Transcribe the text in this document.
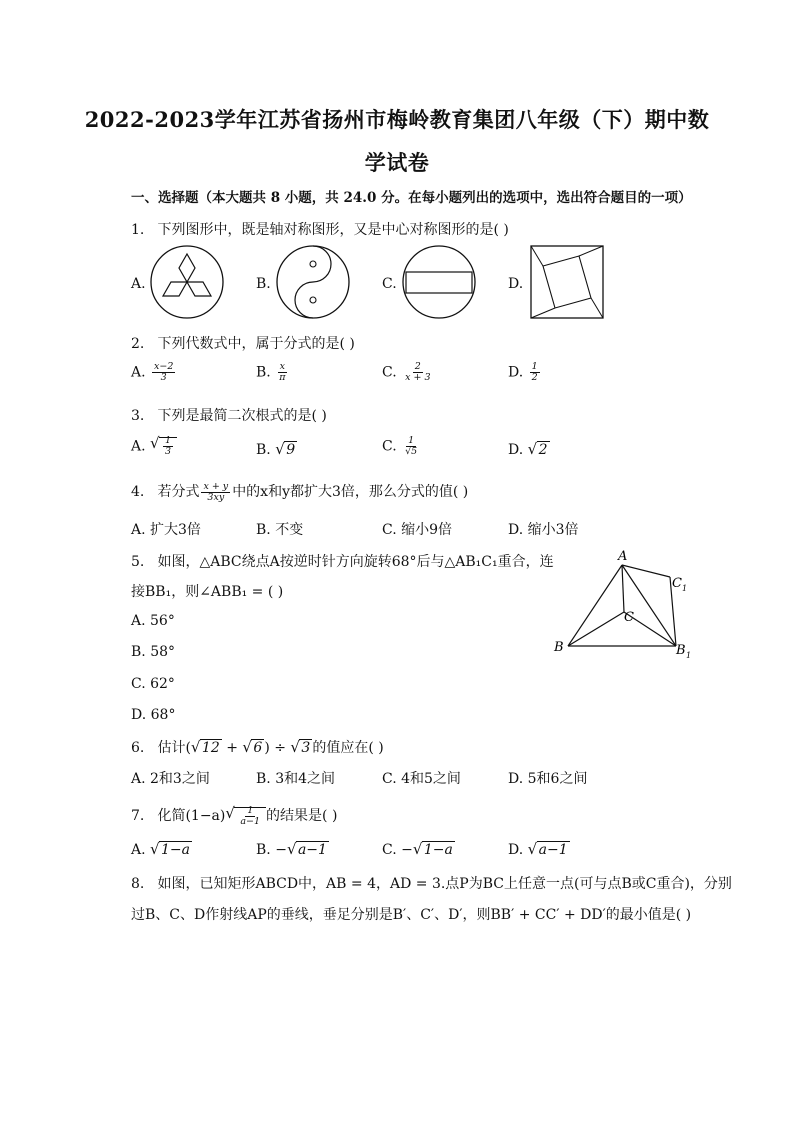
2022-2023学年江苏省扬州市梅岭教育集团八年级（下）期中数
学试卷
一、选择题（本大题共 8 小题，共 24.0 分。在每小题列出的选项中，选出符合题目的一项）
1. 下列图形中，既是轴对称图形，又是中心对称图形的是( )
A.	B.	C.	D.
2. 下列代数式中，属于分式的是( )
A. $\frac{x-2}{3}$	B. $\frac{x}{\pi}$	C. $\frac{2}{x + 3}$	D. $\frac{1}{2}$
3. 下列是最简二次根式的是( )
A. √ $\frac{1}{3}$	B. √ 9	C. $\frac{1}{√5}$	D. √ 2
4. 若分式 $\frac{x + y}{3xy}$ 中的x和y都扩大3倍，那么分式的值( )
A. 扩大3倍	B. 不变	C. 缩小9倍	D. 缩小3倍
5. 如图，△ABC绕点A按逆时针方向旋转68°后与△AB₁C₁重合，连
接BB₁，则∠ABB₁ = ( )
A. 56°
B. 58°
C. 62°
D. 68°
A
B
C
C 1
B 1
6. 估计( √ 12 + √ 6 ) ÷ √ 3 的值应在( )
A. 2和3之间	B. 3和4之间	C. 4和5之间	D. 5和6之间
7. 化简(1−a) √ $\frac{1}{a-1}$ 的结果是( )
A. √ 1−a	B. − √ a−1	C. − √ 1−a	D. √ a−1
8. 如图，已知矩形ABCD中，AB = 4，AD = 3.点P为BC上任意一点(可与点B或C重合)，分别
过B、C、D作射线AP的垂线，垂足分别是B′、C′、D′，则BB′ + CC′ + DD′的最小值是( )
